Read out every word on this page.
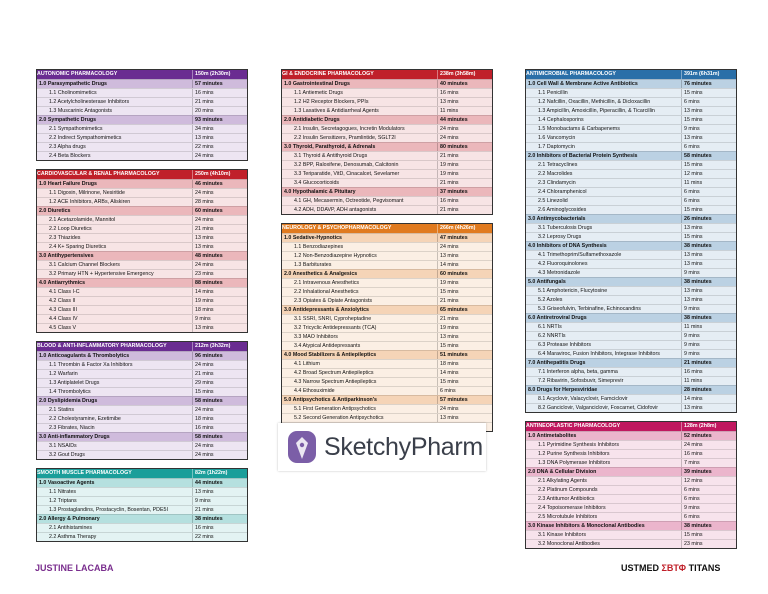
AUTONOMIC PHARMACOLOGY	150m (2h30m)
1.0 Parasympathetic Drugs	57 minutes
1.1 Cholinomimetics	16 mins
1.2 Acetylcholinesterase Inhibitors	21 mins
1.3 Muscarinic Antagonists	20 mins
2.0 Sympathetic Drugs	93 minutes
2.1 Sympathomimetics	34 mins
2.2 Indirect Sympathomimetics	13 mins
2.3 Alpha drugs	22 mins
2.4 Beta Blockers	24 mins
CARDIOVASCULAR & RENAL PHARMACOLOGY	250m (4h10m)
1.0 Heart Failure Drugs	46 minutes
1.1 Digoxin, Milrinone, Nesiritide	24 mins
1.2 ACE Inhibitors, ARBs, Aliskiren	28 mins
2.0 Diuretics	60 minutes
2.1 Acetazolamide, Mannitol	24 mins
2.2 Loop Diuretics	21 mins
2.3 Thiazides	13 mins
2.4 K+ Sparing Diuretics	13 mins
3.0 Antihypertensives	48 minutes
3.1 Calcium Channel Blockers	24 mins
3.2 Primary HTN + Hypertensive Emergency	23 mins
4.0 Antiarrythmics	88 minutes
4.1 Class I-C	14 mins
4.2 Class II	19 mins
4.3 Class III	18 mins
4.4 Class IV	9 mins
4.5 Class V	13 mins
BLOOD & ANTI-INFLAMMATORY PHARMACOLOGY	212m (3h32m)
1.0 Anticoagulants & Thrombolytics	96 minutes
1.1 Thrombin & Factor Xa Inhibitors	24 mins
1.2 Warfarin	21 mins
1.3 Antiplatelet Drugs	29 mins
1.4 Thrombolytics	15 mins
2.0 Dyslipidemia Drugs	58 minutes
2.1 Statins	24 mins
2.2 Cholestyramine, Ezetimibe	18 mins
2.3 Fibrates, Niacin	16 mins
3.0 Anti-inflammatory Drugs	58 minutes
3.1 NSAIDs	24 mins
3.2 Gout Drugs	24 mins
SMOOTH MUSCLE PHARMACOLOGY	82m (1h22m)
1.0 Vasoactive Agents	44 minutes
1.1 Nitrates	13 mins
1.2 Triptans	9 mins
1.3 Prostaglandins, Prostacyclin, Bosentan, PDE5I	21 mins
2.0 Allergy & Pulmonary	38 minutes
2.1 Antihistamines	16 mins
2.2 Asthma Therapy	22 mins
GI & ENDOCRINE PHARMACOLOGY	238m (3h58m)
1.0 Gastrointestinal Drugs	40 minutes
1.1 Antiemetic Drugs	16 mins
1.2 H2 Receptor Blockers, PPIs	13 mins
1.3 Laxatives & Antidiarrheal Agents	11 mins
2.0 Antidiabetic Drugs	44 minutes
2.1 Insulin, Secretagogues, Incretin Modulators	24 mins
2.2 Insulin Sensitizers, Pramlintide, SGLT2I	24 mins
3.0 Thyroid, Parathyroid, & Adrenals	80 minutes
3.1 Thyroid & Antithyroid Drugs	21 mins
3.2 BPP, Raloxifene, Denosumab, Calcitonin	19 mins
3.3 Teriparatide, VitD, Cinacalcet, Sevelamer	19 mins
3.4 Glucocorticoids	21 mins
4.0 Hypothalamic & Pituitary	37 minutes
4.1 GH, Mecasermin, Octreotide, Pegvisomant	16 mins
4.2 ADH, DDAVP, ADH antagonists	21 mins
NEUROLOGY & PSYCHOPHARMACOLOGY	266m (4h26m)
1.0 Sedative-Hypnotics	47 minutes
1.1 Benzodiazepines	24 mins
1.2 Non-Benzodiazepine Hypnotics	13 mins
1.3 Barbiturates	14 mins
2.0 Anesthetics & Analgesics	60 minutes
2.1 Intravenous Anesthetics	19 mins
2.2 Inhalational Anesthetics	15 mins
2.3 Opiates & Opiate Antagonists	21 mins
3.0 Antidepressants & Anxiolytics	65 minutes
3.1 SSRI, SNRI, Cyproheptadine	21 mins
3.2 Tricyclic Antidepressants (TCA)	19 mins
3.3 MAO Inhibitors	13 mins
3.4 Atypical Antidepressants	15 mins
4.0 Mood Stabilizers & Antiepileptics	51 minutes
4.1 Lithium	18 mins
4.2 Broad Spectrum Antiepileptics	14 mins
4.3 Narrow Spectrum Antiepileptics	15 mins
4.4 Ethosuximide	6 mins
5.0 Antipsychotics & Antiparkinson's	57 minutes
5.1 First Generation Antipsychotics	24 mins
5.2 Second Generation Antipsychotics	13 mins
ANTIMICROBIAL PHARMACOLOGY	391m (6h31m)
1.0 Cell Wall & Membrane Active Antibiotics	76 minutes
1.1 Penicillin	15 mins
1.2 Nafcillin, Oxacillin, Methicillin, & Dicloxacillin	6 mins
1.3 Ampicillin, Amoxicillin, Piperacillin, & Ticarcillin	13 mins
1.4 Cephalosporins	15 mins
1.5 Monobactams & Carbapenems	9 mins
1.6 Vancomycin	13 mins
1.7 Daptomycin	6 mins
2.0 Inhibitors of Bacterial Protein Synthesis	58 minutes
2.1 Tetracyclines	15 mins
2.2 Macrolides	12 mins
2.3 Clindamycin	11 mins
2.4 Chloramphenicol	6 mins
2.5 Linezolid	6 mins
2.6 Aminoglycosides	15 mins
3.0 Antimycobacterials	26 minutes
3.1 Tuberculosis Drugs	13 mins
3.2 Leprosy Drugs	15 mins
4.0 Inhibitors of DNA Synthesis	38 minutes
4.1 Trimethoprim/Sulfamethoxazole	13 mins
4.2 Fluoroquinolones	13 mins
4.3 Metronidazole	9 mins
5.0 Antifungals	38 minutes
5.1 Amphotericin, Flucytosine	13 mins
5.2 Azoles	13 mins
5.3 Griseofulvin, Terbinafine, Echinocandins	9 mins
6.0 Antiretroviral Drugs	38 minutes
6.1 NRTIs	11 mins
6.2 NNRTIs	9 mins
6.3 Protease Inhibitors	9 mins
6.4 Maraviroc, Fusion Inhibitors, Integrase Inhibitors	9 mins
7.0 Antihepatitis Drugs	21 minutes
7.1 Interferon alpha, beta, gamma	16 mins
7.2 Ribavirin, Sofosbuvir, Simeprevir	11 mins
8.0 Drugs for Herpesviridae	28 minutes
8.1 Acyclovir, Valacyclovir, Famciclovir	14 mins
8.2 Ganciclovir, Valganciclovir, Foscarnet, Cidofovir	13 mins
ANTINEOPLASTIC PHARMACOLOGY	128m (2h8m)
1.0 Antimetabolites	52 minutes
1.1 Pyrimidine Synthesis Inhibitors	24 mins
1.2 Purine Synthesis Inhibitors	16 mins
1.3 DNA Polymerase Inhibitors	7 mins
2.0 DNA & Cellular Division	39 minutes
2.1 Alkylating Agents	12 mins
2.2 Platinum Compounds	6 mins
2.3 Antitumor Antibiotics	6 mins
2.4 Topoisomerase Inhibitors	9 mins
2.5 Microtubule Inhibitors	6 mins
3.0 Kinase Inhibitors & Monoclonal Antibodies	38 minutes
3.1 Kinase Inhibitors	15 mins
3.2 Monoclonal Antibodies	23 mins
SketchyPharm
JUSTINE LACABA	USTMED ΣΒΤΦ TITANS
